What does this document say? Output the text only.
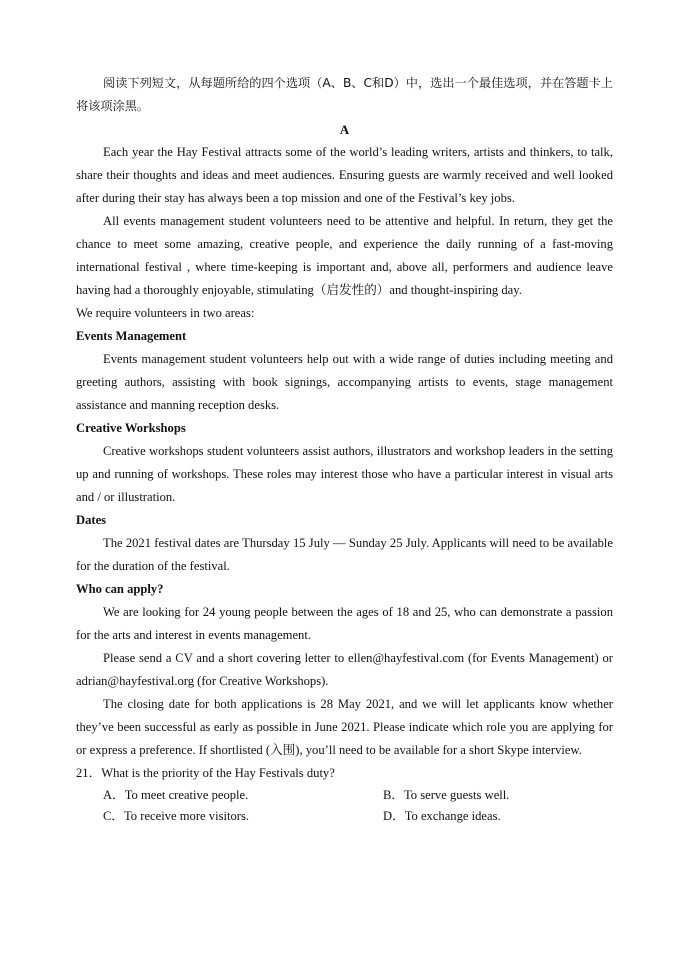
阅读下列短文，从每题所给的四个选项（A、B、C和D）中，选出一个最佳选项，并在答题卡上将该项涂黑。

A

Each year the Hay Festival attracts some of the world’s leading writers, artists and thinkers, to talk, share their thoughts and ideas and meet audiences. Ensuring guests are warmly received and well looked after during their stay has always been a top mission and one of the Festival’s key jobs.

All events management student volunteers need to be attentive and helpful. In return, they get the chance to meet some amazing, creative people, and experience the daily running of a fast-moving international festival , where time-keeping is important and, above all, performers and audience leave having had a thoroughly enjoyable, stimulating（启发性的）and thought-inspiring day.

We require volunteers in two areas:

Events Management

Events management student volunteers help out with a wide range of duties including meeting and greeting authors, assisting with book signings, accompanying artists to events, stage management assistance and manning reception desks.

Creative Workshops

Creative workshops student volunteers assist authors, illustrators and workshop leaders in the setting up and running of workshops. These roles may interest those who have a particular interest in visual arts and / or illustration.

Dates

The 2021 festival dates are Thursday 15 July — Sunday 25 July. Applicants will need to be available for the duration of the festival.

Who can apply?

We are looking for 24 young people between the ages of 18 and 25, who can demonstrate a passion for the arts and interest in events management.

Please send a CV and a short covering letter to ellen@hayfestival.com (for Events Management) or adrian@hayfestival.org (for Creative Workshops).

The closing date for both applications is 28 May 2021, and we will let applicants know whether they’ve been successful as early as possible in June 2021. Please indicate which role you are applying for or express a preference. If shortlisted (入围), you’ll need to be available for a short Skype interview.

21．What is the priority of the Hay Festivals duty?

A．To meet creative people.	B．To serve guests well.
C．To receive more visitors.	D．To exchange ideas.
